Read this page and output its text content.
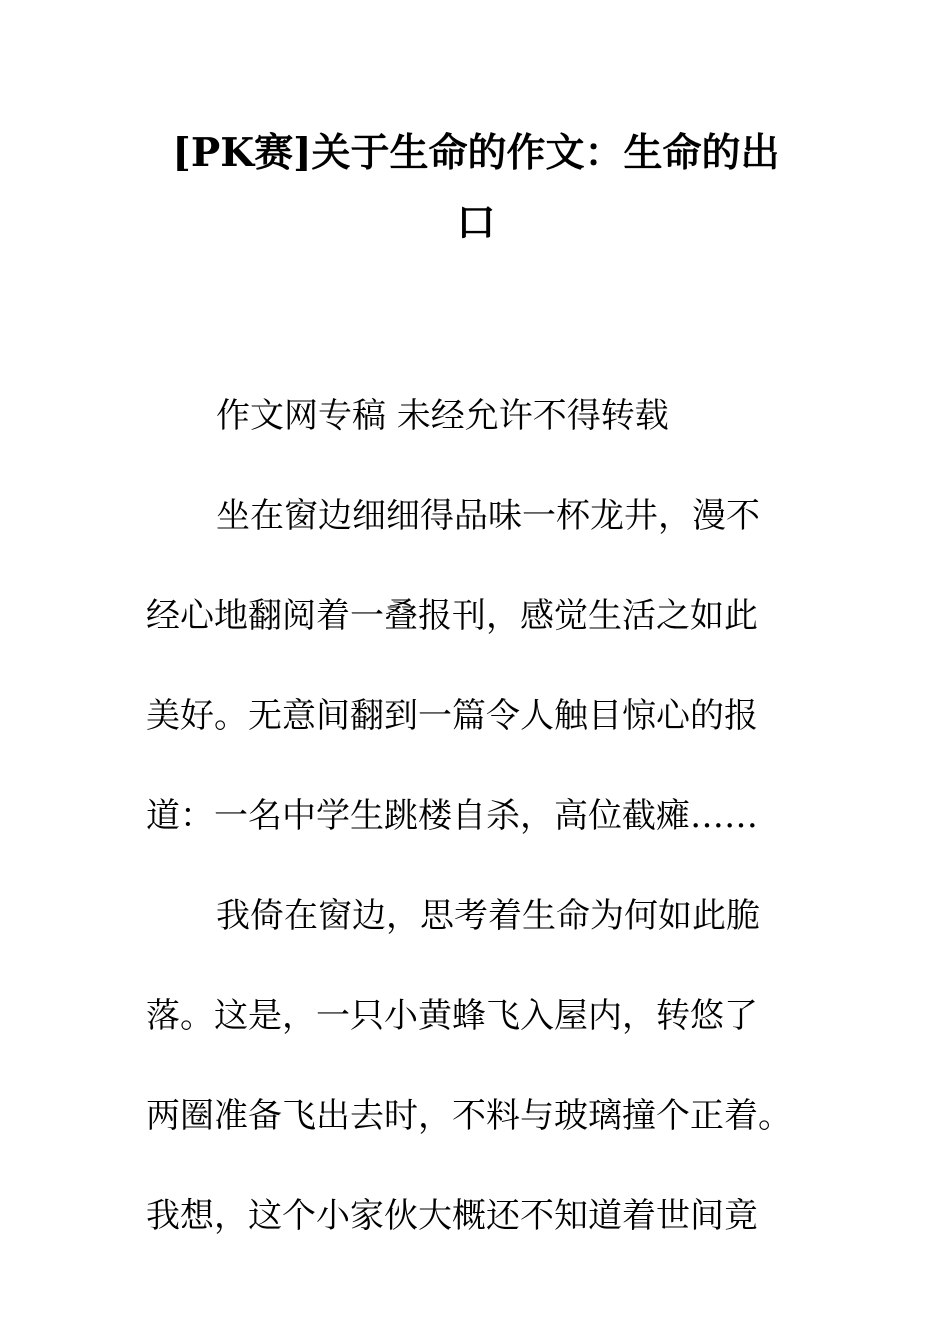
[PK赛]关于生命的作文：生命的出
口
作文网专稿 未经允许不得转载
坐在窗边细细得品味一杯龙井，漫不
经心地翻阅着一叠报刊，感觉生活之如此
美好。无意间翻到一篇令人触目惊心的报
道：一名中学生跳楼自杀，高位截瘫……
我倚在窗边，思考着生命为何如此脆
落。这是，一只小黄蜂飞入屋内，转悠了
两圈准备飞出去时，不料与玻璃撞个正着。
我想，这个小家伙大概还不知道着世间竟
